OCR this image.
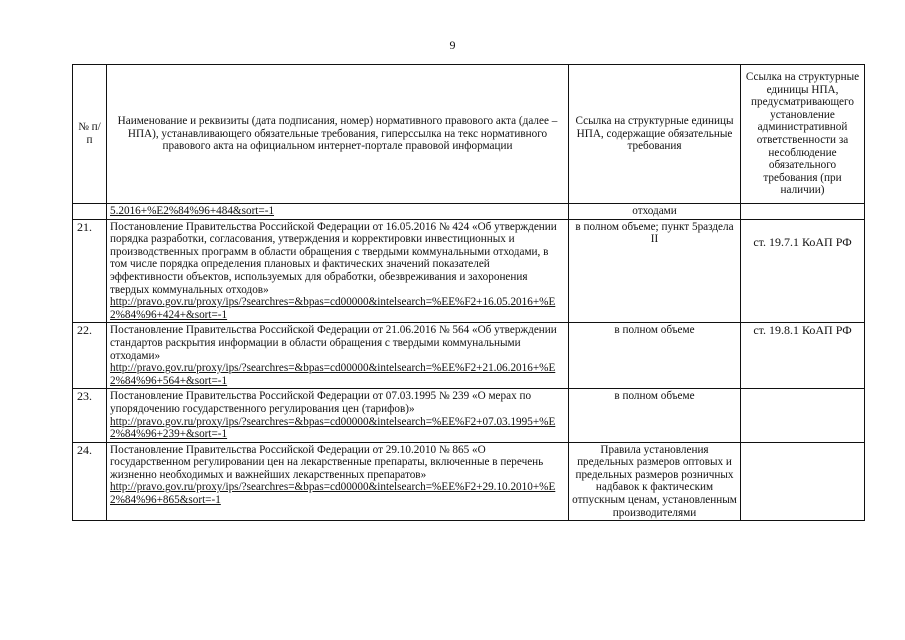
9
№ п/п	Наименование и реквизиты (дата подписания, номер) нормативного правового акта (далее – НПА), устанавливающего обязательные требования, гиперссылка на текс нормативного правового акта на официальном интернет-портале правовой информации	Ссылка на структурные единицы НПА, содержащие обязательные требования	Ссылка на структурные единицы НПА, предусматривающего установление административной ответственности за несоблюдение обязательного требования (при наличии)
	5.2016+%E2%84%96+484&sort=-1	отходами	
21.	Постановление Правительства Российской Федерации от 16.05.2016 № 424 «Об утверждении порядка разработки, согласования, утверждения и корректировки инвестиционных и производственных программ в области обращения с твердыми коммунальными отходами, в том числе порядка определения плановых и фактических значений показателей эффективности объектов, используемых для обработки, обезвреживания и захоронения твердых коммунальных отходов»
http://pravo.gov.ru/proxy/ips/?searchres=&bpas=cd00000&intelsearch=%EE%F2+16.05.2016+%E2%84%96+424+&sort=-1	в полном объеме; пункт 5раздела II	ст. 19.7.1 КоАП РФ
22.	Постановление Правительства Российской Федерации от 21.06.2016 № 564 «Об утверждении стандартов раскрытия информации в области обращения с твердыми коммунальными отходами»
http://pravo.gov.ru/proxy/ips/?searchres=&bpas=cd00000&intelsearch=%EE%F2+21.06.2016+%E2%84%96+564+&sort=-1	в полном объеме	ст. 19.8.1 КоАП РФ
23.	Постановление Правительства Российской Федерации от 07.03.1995 № 239 «О мерах по упорядочению государственного регулирования цен (тарифов)»
http://pravo.gov.ru/proxy/ips/?searchres=&bpas=cd00000&intelsearch=%EE%F2+07.03.1995+%E2%84%96+239+&sort=-1	в полном объеме	
24.	Постановление Правительства Российской Федерации от 29.10.2010 № 865 «О государственном регулировании цен на лекарственные препараты, включенные в перечень жизненно необходимых и важнейших лекарственных препаратов»
http://pravo.gov.ru/proxy/ips/?searchres=&bpas=cd00000&intelsearch=%EE%F2+29.10.2010+%E2%84%96+865&sort=-1	Правила установления предельных размеров оптовых и предельных размеров розничных надбавок к фактическим отпускным ценам, установленным производителями	
